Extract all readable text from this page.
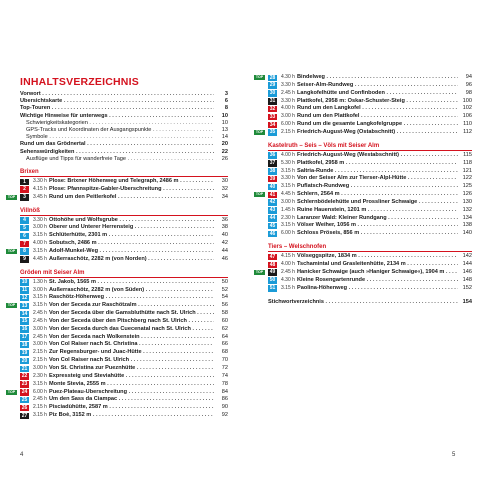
INHALTSVERZEICHNIS
Vorwort . . .	3
Übersichtskarte . . .	6
Top-Touren . . .	8
Wichtige Hinweise für unterwegs . . .	10
Schwierigkeitskategorien . . .	10
GPS-Tracks und Koordinaten der Ausgangspunkte . . .	13
Symbole . . .	14
Rund um das Grödnertal . . .	20
Sehenswürdigkeiten . . .	22
Ausflüge und Tipps für wanderfreie Tage . . .	26
Brixen
1	3.30 h Plose: Brixner Höhenweg und Telegraph, 2486 m . . .	30
2	4.15 h Plose: Pfannspitze-Gabler-Überschreitung . . .	32
TOP	3	3.45 h Rund um den Peitlerkofel . . .	34
Villnöß
4	3.30 h Ottohöhe und Wolfsgrube . . .	36
5	3.00 h Oberer und Unterer Herrensteig . . .	38
6	3.15 h Schlüterhütte, 2301 m . . .	40
7	4.00 h Sobutsch, 2486 m . . .	42
TOP	8	3.15 h Adolf-Munkel-Weg . . .	44
9	4.45 h Außerraschötz, 2282 m (von Norden) . . .	46
Gröden mit Seiser Alm
10	1.30 h St. Jakob, 1565 m . . .	50
11	3.00 h Außerraschötz, 2282 m (von Süden) . . .	52
12	3.15 h Raschötz-Höhenweg . . .	54
TOP	13	3.15 h Von der Seceda zur Raschötzalm . . .	56
14	2.45 h Von der Seceda über die Gamsbluthütte nach St. Ulrich . . .	58
15	2.45 h Von der Seceda über den Pitschberg nach St. Ulrich . . .	60
16	3.00 h Von der Seceda durch das Cuecenatal nach St. Ulrich . . .	62
17	2.45 h Von der Seceda nach Wolkenstein . . .	64
18	3.00 h Von Col Raiser nach St. Christina . . .	66
19	2.15 h Zur Regensburger- und Juac-Hütte . . .	68
20	2.15 h Von Col Raiser nach St. Ulrich . . .	70
21	3.00 h Von St. Christina zur Pueznhütte . . .	72
22	2.30 h Expressteig und Steviahütte . . .	74
23	3.15 h Monte Stevia, 2555 m . . .	78
TOP	24	6.00 h Puez-Plateau-Überschreitung . . .	84
25	2.45 h Um den Sass da Ciampac . . .	86
26	2.15 h Pisciadùhütte, 2587 m . . .	90
27	3.15 h Piz Boè, 3152 m . . .	92
TOP	28	4.30 h Bindelweg . . .	94
29	3.30 h Seiser-Alm-Rundweg . . .	96
30	2.45 h Langkofelhütte und Confinboden . . .	98
31	3.30 h Plattkofel, 2958 m: Oskar-Schuster-Steig . . .	100
32	4.00 h Rund um den Langkofel . . .	102
33	3.00 h Rund um den Plattkofel . . .	106
34	6.00 h Rund um die gesamte Langkofelgruppe . . .	110
TOP	35	2.15 h Friedrich-August-Weg (Ostabschnitt) . . .	112
Kastelruth – Seis – Völs mit Seiser Alm
36	4.00 h Friedrich-August-Weg (Westabschnitt) . . .	115
37	5.30 h Plattkofel, 2958 m . . .	118
38	3.15 h Saltria-Runde . . .	121
39	3.30 h Von der Seiser Alm zur Tierser-Alpl-Hütte . . .	122
40	3.15 h Puflatsch-Rundweg . . .	125
TOP	41	4.45 h Schlern, 2564 m . . .	126
42	3.00 h Schlernbödelehütte und Prossliner Schwaige . . .	130
43	1.45 h Ruine Hauenstein, 1201 m . . .	132
44	2.30 h Laranzer Wald: Kleiner Rundgang . . .	134
45	3.15 h Völser Weiher, 1056 m . . .	138
46	6.00 h Schloss Pröseis, 856 m . . .	140
Tiers – Welschnofen
47	4.15 h Völseggspitze, 1834 m . . .	142
48	4.00 h Tschamintal und Grasleitenhütte, 2134 m . . .	144
TOP	49	2.45 h Hanicker Schwaige (auch »Haniger Schwaige«), 1904 m . . .	146
50	4.30 h Kleine Rosengartenrunde . . .	148
51	3.15 h Paolina-Höhenweg . . .	152
Stichwortverzeichnis . . .	154
4	5
